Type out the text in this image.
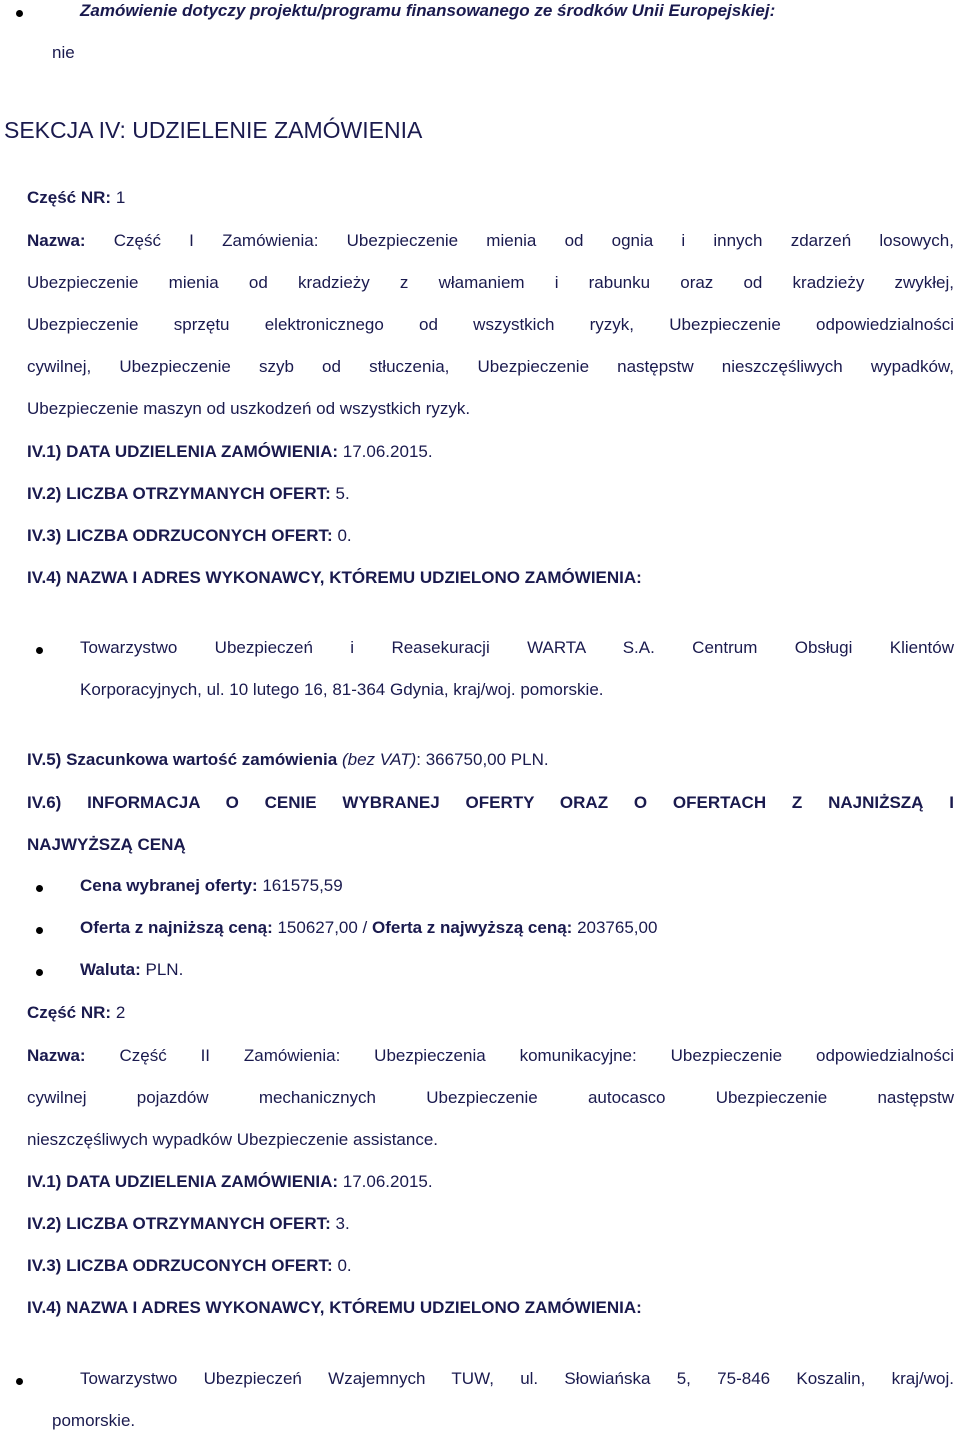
Zamówienie dotyczy projektu/programu finansowanego ze środków Unii Europejskiej:
nie
SEKCJA IV: UDZIELENIE ZAMÓWIENIA
Część NR: 1
Nazwa: Część I Zamówienia: Ubezpieczenie mienia od ognia i innych zdarzeń losowych,
Ubezpieczenie mienia od kradzieży z włamaniem i rabunku oraz od kradzieży zwykłej,
Ubezpieczenie sprzętu elektronicznego od wszystkich ryzyk, Ubezpieczenie odpowiedzialności
cywilnej, Ubezpieczenie szyb od stłuczenia, Ubezpieczenie następstw nieszczęśliwych wypadków,
Ubezpieczenie maszyn od uszkodzeń od wszystkich ryzyk.
IV.1) DATA UDZIELENIA ZAMÓWIENIA: 17.06.2015.
IV.2) LICZBA OTRZYMANYCH OFERT: 5.
IV.3) LICZBA ODRZUCONYCH OFERT: 0.
IV.4) NAZWA I ADRES WYKONAWCY, KTÓREMU UDZIELONO ZAMÓWIENIA:
Towarzystwo Ubezpieczeń i Reasekuracji WARTA S.A. Centrum Obsługi Klientów
Korporacyjnych, ul. 10 lutego 16, 81-364 Gdynia, kraj/woj. pomorskie.
IV.5) Szacunkowa wartość zamówienia (bez VAT): 366750,00 PLN.
IV.6) INFORMACJA O CENIE WYBRANEJ OFERTY ORAZ O OFERTACH Z NAJNIŻSZĄ I
NAJWYŻSZĄ CENĄ
Cena wybranej oferty: 161575,59
Oferta z najniższą ceną: 150627,00 / Oferta z najwyższą ceną: 203765,00
Waluta: PLN.
Część NR: 2
Nazwa: Część II Zamówienia: Ubezpieczenia komunikacyjne: Ubezpieczenie odpowiedzialności
cywilnej pojazdów mechanicznych Ubezpieczenie autocasco Ubezpieczenie następstw
nieszczęśliwych wypadków Ubezpieczenie assistance.
IV.1) DATA UDZIELENIA ZAMÓWIENIA: 17.06.2015.
IV.2) LICZBA OTRZYMANYCH OFERT: 3.
IV.3) LICZBA ODRZUCONYCH OFERT: 0.
IV.4) NAZWA I ADRES WYKONAWCY, KTÓREMU UDZIELONO ZAMÓWIENIA:
Towarzystwo Ubezpieczeń Wzajemnych TUW, ul. Słowiańska 5, 75-846 Koszalin, kraj/woj.
pomorskie.
